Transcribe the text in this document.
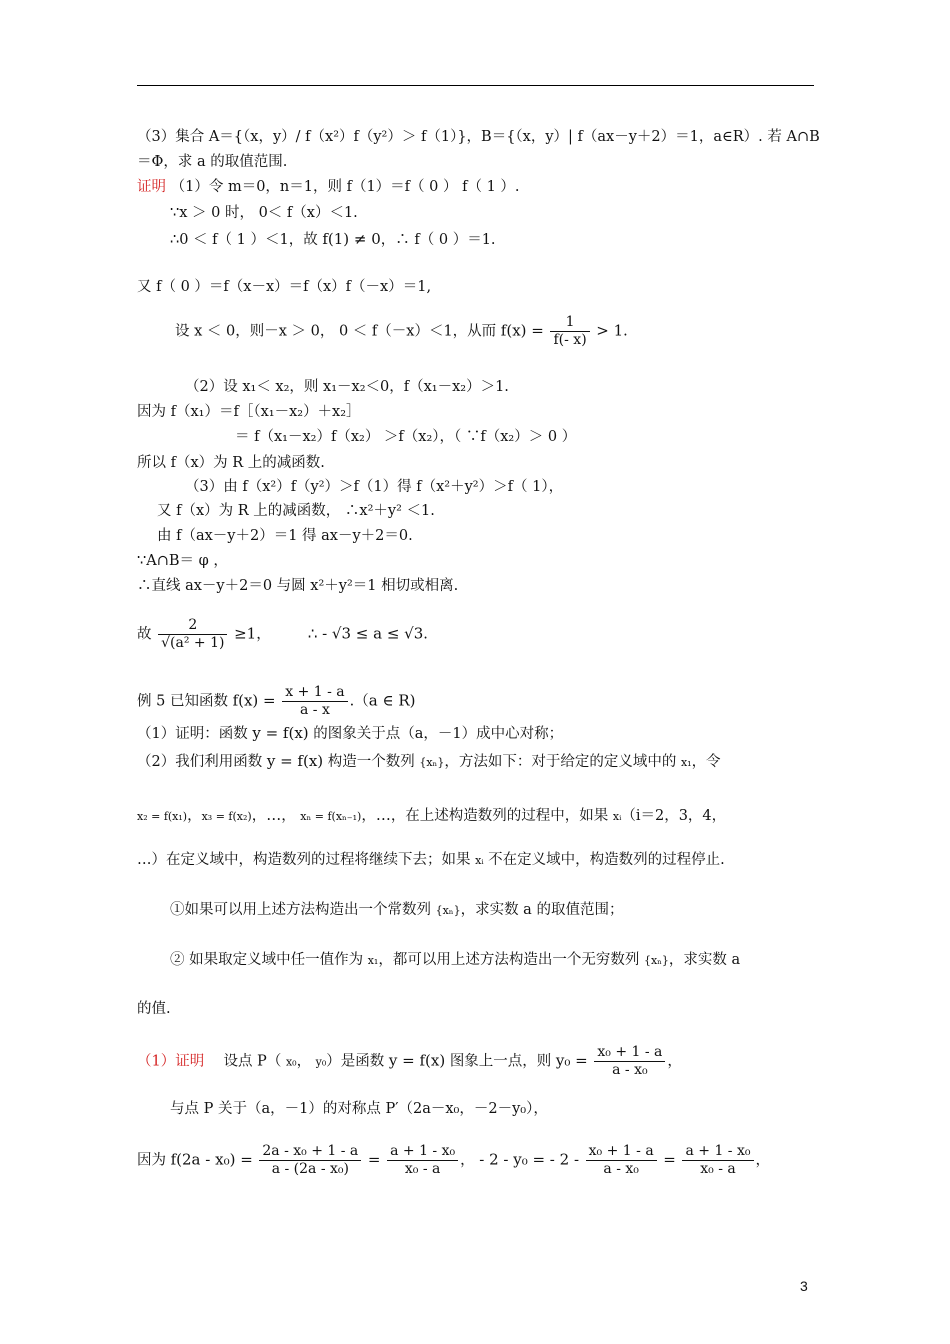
（3）集合 A＝{（x，y）/ f（x²）f（y²）＞ f（1）}，B＝{（x，y）| f（ax－y＋2）＝1，a∈R）. 若 A∩B
＝Φ，求 a 的取值范围.
证明 （1）令 m＝0，n＝1，则 f（1）＝f（ 0 ） f（ 1 ）.
∵x ＞ 0 时， 0＜ f（x）＜1.
∴0 ＜ f（ 1 ）＜1，故 f(1) ≠ 0，∴ f（ 0 ）＝1.
又 f（ 0 ）＝f（x－x）＝f（x）f（－x）＝1,
设 x ＜ 0，则－x ＞ 0， 0 ＜ f（－x）＜1，从而 $f(x) = \frac{1}{f(- x)} > 1$.
（2）设 x₁＜ x₂，则 x₁－x₂＜0，f（x₁－x₂）＞1.
因为 f（x₁）＝f［（x₁－x₂）＋x₂］
＝ f（x₁－x₂）f（x₂） ＞f（x₂），（ ∵f（x₂）＞ 0 ）
所以 f（x）为 R 上的减函数.
（3）由 f（x²）f（y²）＞f（1）得 f（x²＋y²）＞f（ 1），
又 f（x）为 R 上的减函数， ∴x²＋y² ＜1.
由 f（ax－y＋2）＝1 得 ax－y＋2＝0.
∵A∩B＝ φ ，
∴直线 ax－y＋2＝0 与圆 x²＋y²＝1 相切或相离.
故 $\frac{2}{\text{√(a² + 1)}} \ge 1$， ∴ - √3 ≤ a ≤ √3.
例 5 已知函数 $f(x) = \frac{x + 1 - a}{a - x} .(a$ ∈ R)
（1）证明：函数 y = f(x) 的图象关于点（a，－1）成中心对称；
（2）我们利用函数 y = f(x) 构造一个数列 {xₙ}，方法如下：对于给定的定义域中的 x₁，令
x₂ = f(x₁)，x₃ = f(x₂)，…， xₙ = f(xₙ₋₁)，…，在上述构造数列的过程中，如果 xᵢ（i＝2，3，4，
…）在定义域中，构造数列的过程将继续下去；如果 xᵢ 不在定义域中，构造数列的过程停止.
①如果可以用上述方法构造出一个常数列 {xₙ}，求实数 a 的取值范围；
② 如果取定义域中任一值作为 x₁，都可以用上述方法构造出一个无穷数列 {xₙ}，求实数 a
的值.
（1）证明 设点 P（ x₀， y₀）是函数 y = f(x) 图象上一点，则 $y_0 = \frac{\text{x₀ + 1 - a}}{\text{a - x₀}}$ ，
与点 P 关于（a，－1）的对称点 P′（2a－x₀，－2－y₀），
因为 $f(2a - x_0) = \frac{\text{2a - x₀ + 1 - a}}{\text{a - (2a - x₀)}} = \frac{\text{a + 1 - x₀}}{\text{x₀ - a}}$ ， - 2 - y₀ = - $2 - \frac{\text{x₀ + 1 - a}}{\text{a - x₀}} = \frac{\text{a + 1 - x₀}}{\text{x₀ - a}}$ ，
3
